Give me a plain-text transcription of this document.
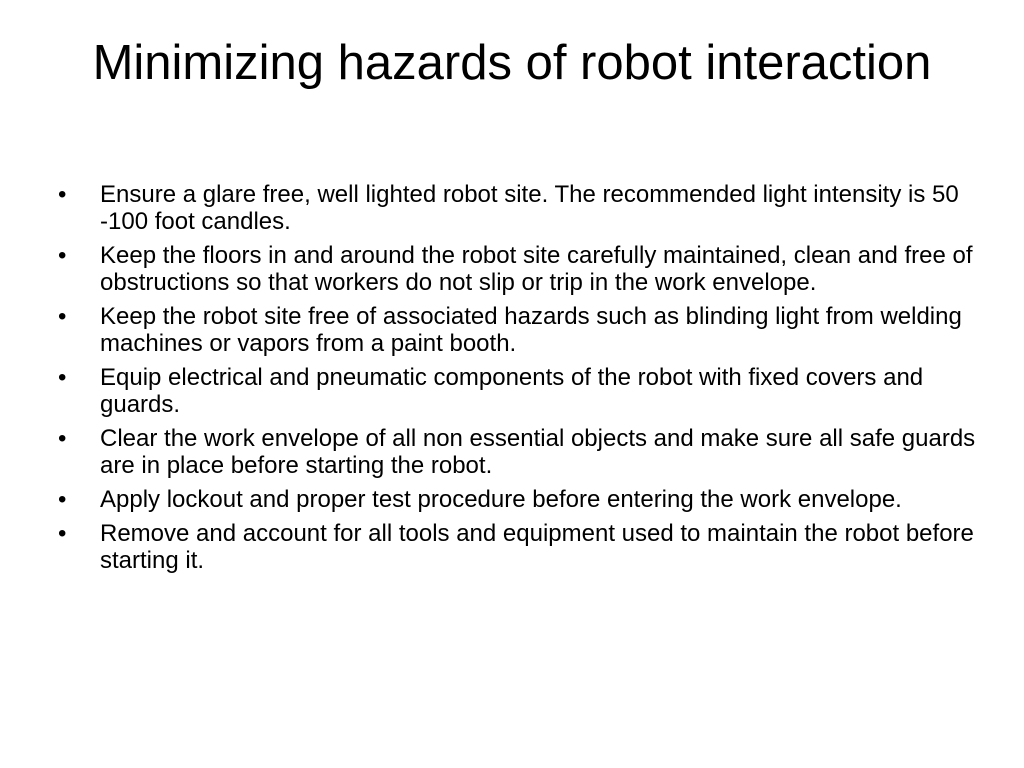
Minimizing hazards of robot interaction
•	Ensure a glare free, well lighted robot site. The recommended light intensity is 50 -100 foot candles.
•	Keep the floors in and around the robot site carefully maintained, clean and free of obstructions so that workers do not slip or trip in the work envelope.
•	Keep the robot site free of associated hazards such as blinding light from welding machines or vapors from a paint booth.
•	Equip electrical and pneumatic components of the robot with fixed covers and guards.
•	Clear the work envelope of all non essential objects and make sure all safe guards are in place before starting the robot.
•	Apply lockout and proper test procedure before entering the work envelope.
•	Remove and account for all tools and equipment used to maintain the robot before starting it.
